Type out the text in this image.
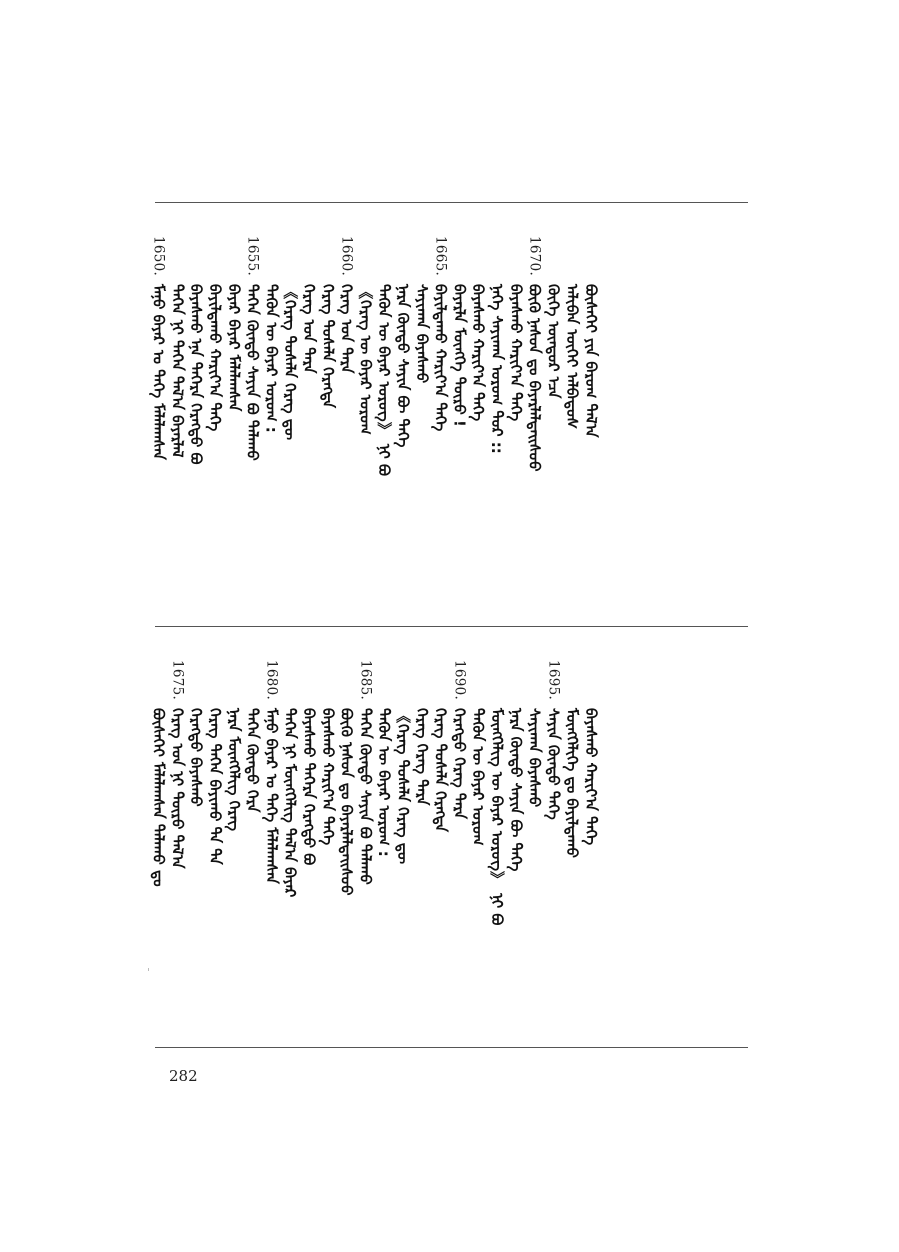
ᠪᠦᠰᠡᠭᠡᠢ ᠶᠢᠨ ᠪᠠᠷᠤᠭ ᠲᠠᠯ᠎ᠠ
ᠠᠯᠢᠪᠠᠨ ᠦᠬᠡᠶ ᠠᠯᠪᠠᠲᠤᠰ
ᠬᠦᠬᠡ ᠦᠨᠳᠦᠷ ᠡᠴᠡ
1670.
ᠪᠦᠬᠦ ᠨᠠᠰᠤᠨ ᠳᠤ ᠪᠠᠶᠠᠷᠯᠠᠯᠲᠠᠢᠰᠤᠤ
ᠪᠠᠶᠠᠰᠬᠤ ᠬᠠᠷᠢᠶ᠎ᠠ ᠲᠡᠬᠡ
ᠨᠡᠬᠡ ᠰᠠᠶᠢᠬᠠᠨ ᠤᠷᠤᠭ ᠳᠤᠷ ::
ᠪᠠᠶᠠᠰᠬᠤ ᠬᠠᠷᠢᠶ᠎ᠠ ᠲᠡᠬᠡ
ᠪᠠᠶᠠᠷᠯᠠ ᠮᠥᠩᠬᠡ ᠲᠥᠷᠦ !
1665.
ᠪᠠᠶᠢᠯᠳᠠᠬᠤ ᠬᠠᠷᠢᠶ᠎ᠠ ᠲᠡᠬᠡ
ᠰᠠᠶᠢᠬᠠᠨ ᠪᠠᠶᠠᠰᠬᠤ
ᠨᠡᠷᠡ ᠬᠦᠨᠳᠦ ᠰᠠᠶᠢᠨ ᠪᠦ ᠲᠡᠬᠡ
ᠲᠡᠭᠦᠨ ᠦ ᠪᠠᠶᠠᠷ ᠤᠷᠤᠭ᠌》 ᠨᠢ ᠪᠣ
《ᠬᠡᠷᠡᠭ ᠦ ᠪᠠᠶᠠᠷ ᠤᠷᠤᠭ
1660.
ᠬᠡᠷᠡᠭ ᠤᠨ ᠲᠡᠷᠡ
ᠬᠡᠷᠡᠭ ᠲᠤᠰᠠᠯᠠ ᠬᠡᠷᠡᠭᠳᠡ
ᠬᠡᠷᠡᠭ ᠤᠨ ᠲᠡᠷᠡ
《ᠬᠡᠷᠡᠭ ᠲᠤᠰᠠᠯᠠ ᠬᠡᠷᠡᠭ ᠳᠦ
ᠲᠡᠭᠦᠨ ᠦ ᠪᠠᠶᠠᠷ ᠤᠷᠤᠭ :
1655.
ᠲᠡᠭᠡᠨ ᠬᠦᠨᠳᠦ ᠰᠠᠶᠢᠨ ᠪᠣ ᠲᠠᠯᠠᠬᠤ
ᠪᠠᠶᠠᠷ ᠪᠠᠶᠠᠷ ᠮᠠᠯᠠᠯᠠᠭᠰᠠᠨ
ᠪᠠᠶᠢᠯᠳᠠᠬᠤ ᠬᠠᠷᠢᠶ᠎ᠠ ᠲᠡᠬᠡ
ᠪᠠᠶᠠᠰᠬᠤ ᠡᠨᠡ ᠳᠡᠭᠡᠷᠡ ᠬᠡᠷᠡᠭᠲᠦ ᠪᠣ
ᠲᠡᠭᠡᠨ ᠨᠢ ᠲᠡᠭᠡᠨ ᠲᠠᠯ᠎ᠠ ᠪᠠᠶᠠᠷᠯᠠᠯ
1650.
ᠮᠠᠨᠤ ᠪᠠᠶᠠᠷ ᠤ ᠲᠡᠬᠡ ᠮᠠᠯᠠᠯᠠᠭᠰᠠᠨ
ᠪᠠᠶᠠᠰᠬᠤ ᠬᠠᠷᠢᠶ᠎ᠠ ᠲᠡᠬᠡ
ᠮᠥᠩᠬᠡᠯᠢᠭᠡ ᠳᠤ ᠪᠠᠶᠢᠯᠳᠠᠬᠤ
1695.
ᠰᠠᠶᠢᠨ ᠬᠦᠨᠳᠦ ᠲᠡᠬᠡ
ᠰᠠᠶᠢᠬᠠᠨ ᠪᠠᠶᠠᠰᠬᠤ
ᠨᠡᠷᠡ ᠬᠦᠨᠳᠦ ᠰᠠᠶᠢᠨ ᠪᠦ ᠲᠡᠬᠡ
ᠮᠥᠩᠬᠡᠯᠢᠭ ᠦ ᠪᠠᠶᠠᠷ ᠤᠷᠤᠭ᠌》 ᠨᠢ ᠪᠣ
ᠲᠡᠭᠦᠨ ᠦ ᠪᠠᠶᠠᠷ ᠤᠷᠤᠭ
1690.
ᠬᠡᠷᠡᠭᠲᠦ ᠬᠡᠷᠡᠭ ᠲᠡᠷᠡ
ᠬᠡᠷᠡᠭ ᠲᠤᠰᠠᠯᠠ ᠬᠡᠷᠡᠭᠳᠡ
ᠬᠡᠷᠡᠭ ᠬᠡᠷᠡᠭ ᠲᠡᠷᠡ
《ᠬᠡᠷᠡᠭ ᠲᠤᠰᠠᠯᠠ ᠬᠡᠷᠡᠭ ᠳᠦ
ᠲᠡᠭᠦᠨ ᠦ ᠪᠠᠶᠠᠷ ᠤᠷᠤᠭ :
1685.
ᠲᠡᠭᠡᠨ ᠬᠦᠨᠳᠦ ᠰᠠᠶᠢᠨ ᠪᠣ ᠲᠠᠯᠠᠬᠤ
ᠪᠦᠬᠦ ᠨᠠᠰᠤᠨ ᠳᠤ ᠪᠠᠶᠠᠷᠯᠠᠯᠲᠠᠢᠰᠤᠤ
ᠪᠠᠶᠠᠰᠬᠤ ᠬᠠᠷᠢᠶ᠎ᠠ ᠲᠡᠬᠡ
ᠪᠠᠶᠠᠰᠬᠤ ᠳᠡᠭᠡᠷᠡ ᠬᠡᠷᠡᠭᠲᠦ ᠪᠣ
ᠲᠡᠭᠡᠨ ᠨᠢ ᠮᠥᠩᠬᠡᠯᠢᠭ ᠲᠠᠯ᠎ᠠ ᠪᠠᠶᠠᠷ
1680.
ᠮᠠᠨᠤ ᠪᠠᠶᠠᠷ ᠤ ᠲᠡᠬᠡ ᠮᠠᠯᠠᠯᠠᠭᠰᠠᠨ
ᠲᠡᠭᠡᠨ ᠬᠦᠨᠳᠦ ᠬᠡᠷᠡ
ᠨᠡᠷᠡ ᠮᠥᠩᠬᠡᠯᠢᠭ ᠬᠡᠷᠡᠭ
ᠬᠡᠷᠡᠭ ᠲᠡᠭᠡᠨ ᠪᠠᠶᠢᠬᠤ ᠲᠡ ᠲᠡ
ᠬᠡᠷᠡᠭᠲᠦ ᠪᠠᠶᠠᠰᠬᠤ
1675.
ᠬᠡᠷᠡᠭ ᠤᠨ ᠨᠢ ᠲᠦᠷᠦ ᠲᠠᠯ᠎ᠠ
ᠪᠦᠰᠡᠭᠡᠢ ᠮᠠᠯᠠᠯᠠᠭᠰᠠᠨ ᠲᠠᠯᠠᠬᠤ ᠳᠤ
282
